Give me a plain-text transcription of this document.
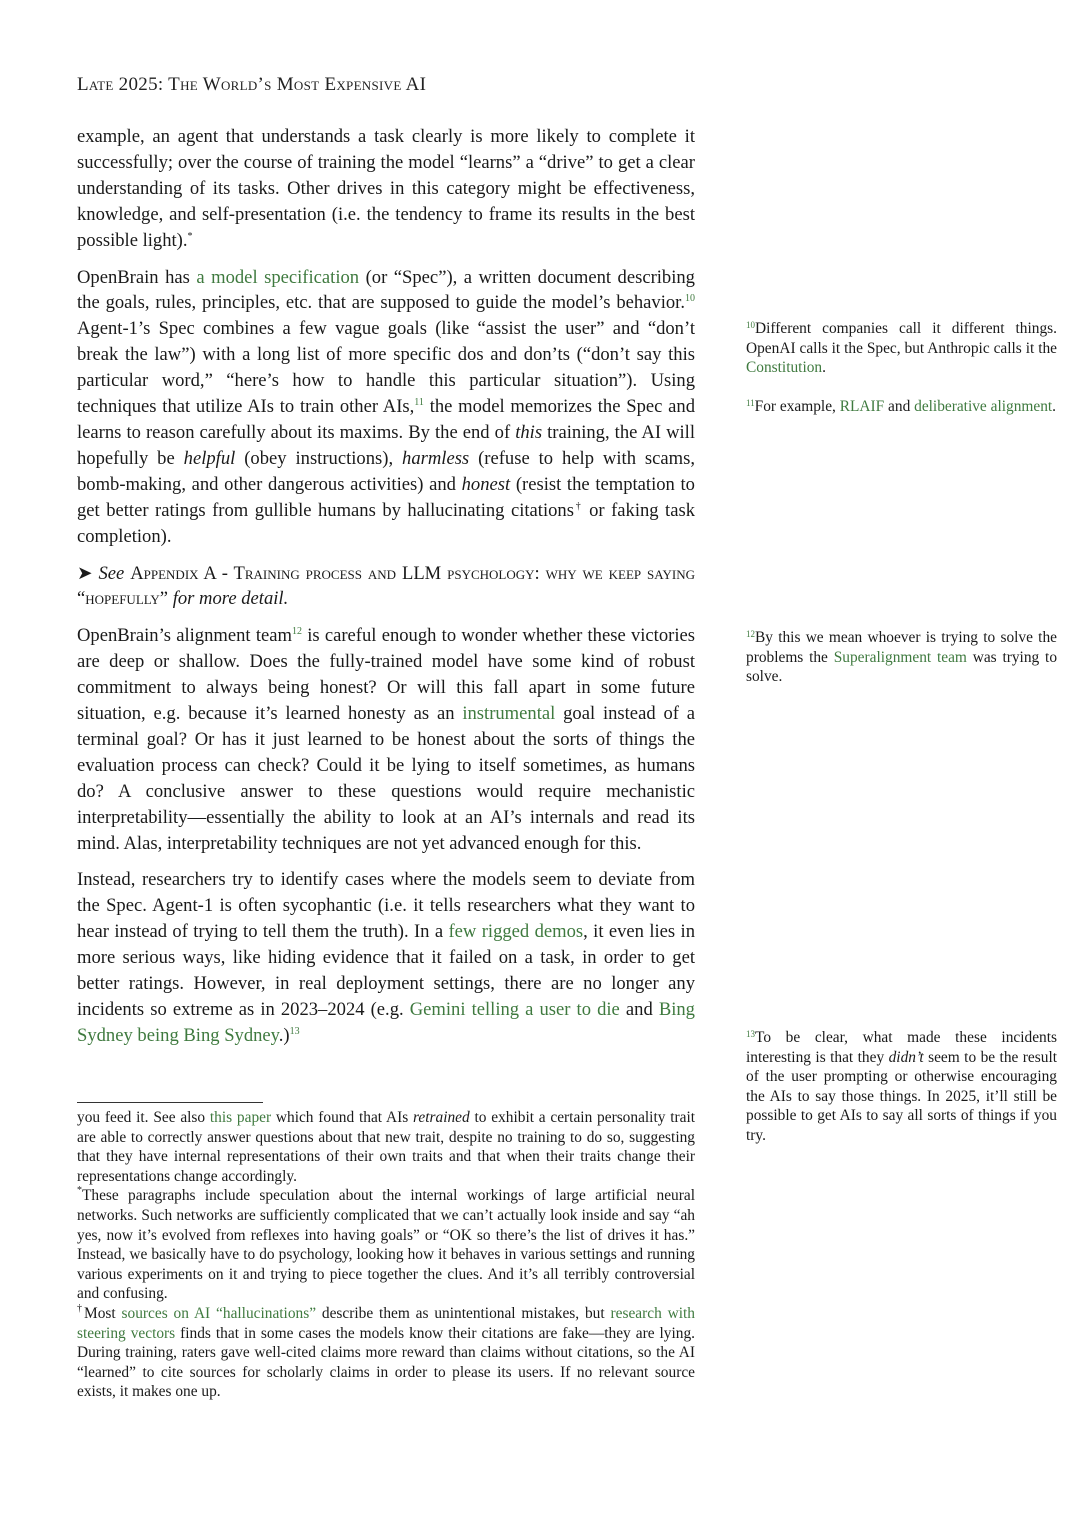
Late 2025: The World’s Most Expensive AI

example, an agent that understands a task clearly is more likely to complete it successfully; over the course of training the model “learns” a “drive” to get a clear understanding of its tasks. Other drives in this category might be effectiveness, knowledge, and self-presentation (i.e. the tendency to frame its results in the best possible light).*

OpenBrain has a model specification (or “Spec”), a written document describing the goals, rules, principles, etc. that are supposed to guide the model’s behavior.$^{10}$ Agent-1’s Spec combines a few vague goals (like “assist the user” and “don’t break the law”) with a long list of more specific dos and don’ts (“don’t say this particular word,” “here’s how to handle this particular situation”). Using techniques that utilize AIs to train other AIs,$^{11}$ the model memorizes the Spec and learns to reason carefully about its maxims. By the end of this training, the AI will hopefully be helpful (obey instructions), harmless (refuse to help with scams, bomb-making, and other dangerous activities) and honest (resist the temptation to get better ratings from gullible humans by hallucinating citations† or faking task completion).

➤ See Appendix A - Training process and LLM psychology: why we keep saying “hopefully” for more detail.

OpenBrain’s alignment team$^{12}$ is careful enough to wonder whether these victories are deep or shallow. Does the fully-trained model have some kind of robust commitment to always being honest? Or will this fall apart in some future situation, e.g. because it’s learned honesty as an instrumental goal instead of a terminal goal? Or has it just learned to be honest about the sorts of things the evaluation process can check? Could it be lying to itself sometimes, as humans do? A conclusive answer to these questions would require mechanistic interpretability—essentially the ability to look at an AI’s internals and read its mind. Alas, interpretability techniques are not yet advanced enough for this.

Instead, researchers try to identify cases where the models seem to deviate from the Spec. Agent-1 is often sycophantic (i.e. it tells researchers what they want to hear instead of trying to tell them the truth). In a few rigged demos, it even lies in more serious ways, like hiding evidence that it failed on a task, in order to get better ratings. However, in real deployment settings, there are no longer any incidents so extreme as in 2023–2024 (e.g. Gemini telling a user to die and Bing Sydney being Bing Sydney.)$^{13}$

you feed it. See also this paper which found that AIs retrained to exhibit a certain personality trait are able to correctly answer questions about that new trait, despite no training to do so, suggesting that they have internal representations of their own traits and that when their traits change their representations change accordingly.

*These paragraphs include speculation about the internal workings of large artificial neural networks. Such networks are sufficiently complicated that we can’t actually look inside and say “ah yes, now it’s evolved from reflexes into having goals” or “OK so there’s the list of drives it has.” Instead, we basically have to do psychology, looking how it behaves in various settings and running various experiments on it and trying to piece together the clues. And it’s all terribly controversial and confusing.

†Most sources on AI “hallucinations” describe them as unintentional mistakes, but research with steering vectors finds that in some cases the models know their citations are fake—they are lying. During training, raters gave well-cited claims more reward than claims without citations, so the AI “learned” to cite sources for scholarly claims in order to please its users. If no relevant source exists, it makes one up.

$^{10}$Different companies call it different things. OpenAI calls it the Spec, but Anthropic calls it the Constitution.

$^{11}$For example, RLAIF and deliberative alignment.

$^{12}$By this we mean whoever is trying to solve the problems the Superalignment team was trying to solve.

$^{13}$To be clear, what made these incidents interesting is that they didn’t seem to be the result of the user prompting or otherwise encouraging the AIs to say those things. In 2025, it’ll still be possible to get AIs to say all sorts of things if you try.
